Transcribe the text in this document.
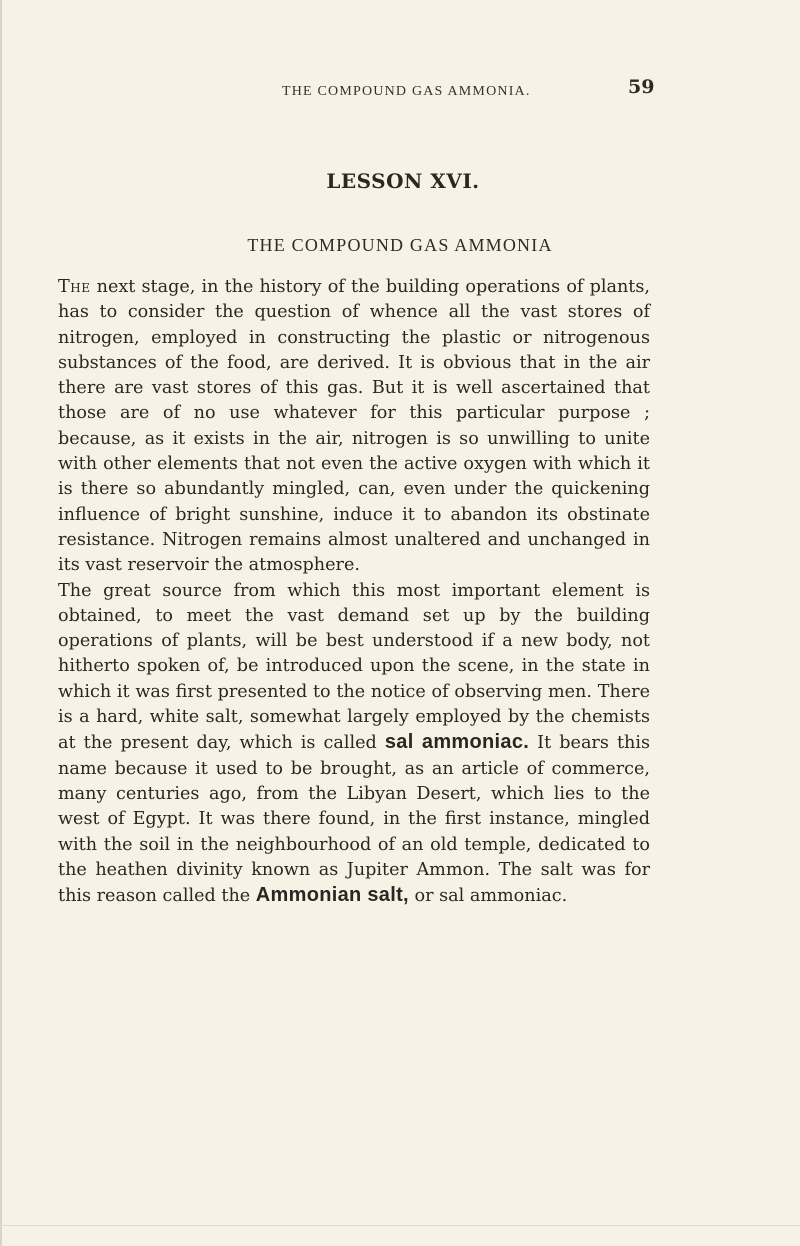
THE COMPOUND GAS AMMONIA.	59
LESSON XVI.
THE COMPOUND GAS AMMONIA

The next stage, in the history of the building operations of plants, has to consider the question of whence all the vast stores of nitrogen, employed in constructing the plastic or nitrogenous substances of the food, are derived. It is obvious that in the air there are vast stores of this gas. But it is well ascertained that those are of no use whatever for this particular purpose ; because, as it exists in the air, nitrogen is so unwilling to unite with other elements that not even the active oxygen with which it is there so abundantly mingled, can, even under the quickening influence of bright sunshine, induce it to abandon its obstinate resistance. Nitrogen remains almost unaltered and unchanged in its vast reservoir the atmosphere.

The great source from which this most important element is obtained, to meet the vast demand set up by the building operations of plants, will be best understood if a new body, not hitherto spoken of, be introduced upon the scene, in the state in which it was first presented to the notice of observing men. There is a hard, white salt, somewhat largely employed by the chemists at the present day, which is called sal ammoniac. It bears this name because it used to be brought, as an article of commerce, many centuries ago, from the Libyan Desert, which lies to the west of Egypt. It was there found, in the first instance, mingled with the soil in the neighbourhood of an old temple, dedicated to the heathen divinity known as Jupiter Ammon. The salt was for this reason called the Ammonian salt, or sal ammoniac.
